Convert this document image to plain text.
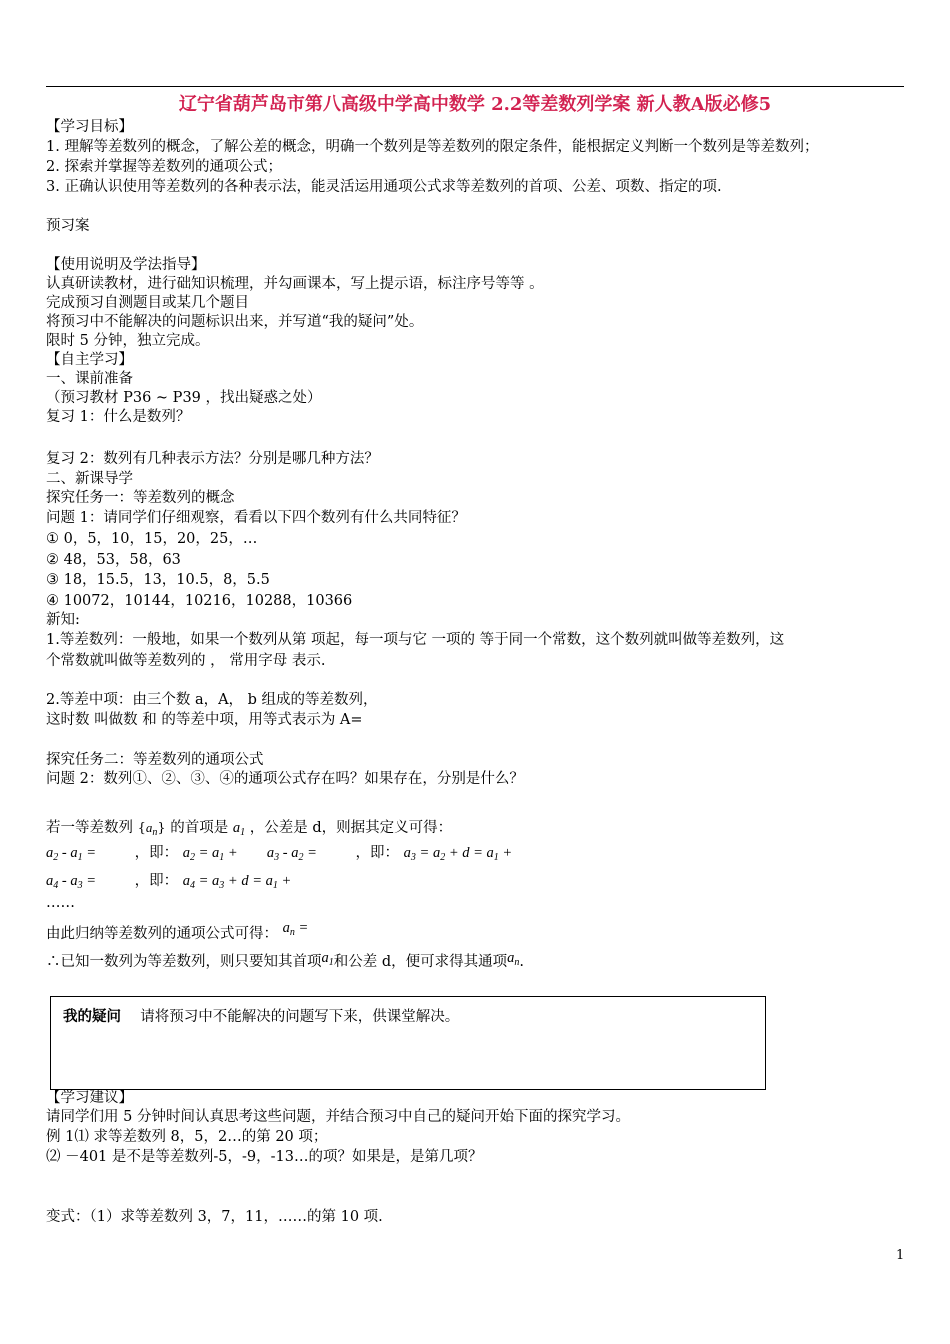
辽宁省葫芦岛市第八高级中学高中数学 2.2等差数列学案 新人教A版必修5
【学习目标】
1. 理解等差数列的概念，了解公差的概念，明确一个数列是等差数列的限定条件，能根据定义判断一个数列是等差数列；
2. 探索并掌握等差数列的通项公式；
3. 正确认识使用等差数列的各种表示法，能灵活运用通项公式求等差数列的首项、公差、项数、指定的项.
预习案
【使用说明及学法指导】
认真研读教材，进行础知识梳理，并勾画课本，写上提示语，标注序号等等 。
完成预习自测题目或某几个题目
将预习中不能解决的问题标识出来，并写道“我的疑问”处。
限时 5 分钟，独立完成。
【自主学习】
一、课前准备
（预习教材 P36 ~ P39 ，找出疑惑之处）
复习 1：什么是数列？
复习 2：数列有几种表示方法？分别是哪几种方法？
二、新课导学
探究任务一：等差数列的概念
问题 1：请同学们仔细观察，看看以下四个数列有什么共同特征？
① 0，5，10，15，20，25，…
② 48，53，58，63
③ 18，15.5，13，10.5，8，5.5
④ 10072，10144，10216，10288，10366
新知:
1.等差数列：一般地，如果一个数列从第 项起，每一项与它 一项的 等于同一个常数，这个数列就叫做等差数列，这
个常数就叫做等差数列的 ， 常用字母 表示.
2.等差中项：由三个数 a，A， b 组成的等差数列，
这时数 叫做数 和 的等差中项，用等式表示为 A=
探究任务二：等差数列的通项公式
问题 2：数列①、②、③、④的通项公式存在吗？如果存在，分别是什么？
若一等差数列 $\{a_n\}$ 的首项是 $a_1$ ，公差是 d，则据其定义可得：
$a_2 - a_1$ =	，即： $a_2 = a_1 + a_3 - a_2$ =	，即： $a_3 = a_2 + d = a_1$ +
$a_4 - a_3$ =	，即： $a_4 = a_3 + d = a_1$ +
……
由此归纳等差数列的通项公式可得： $a_n$ =
∴已知一数列为等差数列，则只要知其首项$a_1$和公差 d，便可求得其通项$a_n$.
我的疑问 请将预习中不能解决的问题写下来，供课堂解决。
【学习建议】
请同学们用 5 分钟时间认真思考这些问题，并结合预习中自己的疑问开始下面的探究学习。
例 1⑴ 求等差数列 8，5，2…的第 20 项；
⑵ －401 是不是等差数列-5，-9，-13…的项？如果是，是第几项？
变式：（1）求等差数列 3，7，11，……的第 10 项.
1
